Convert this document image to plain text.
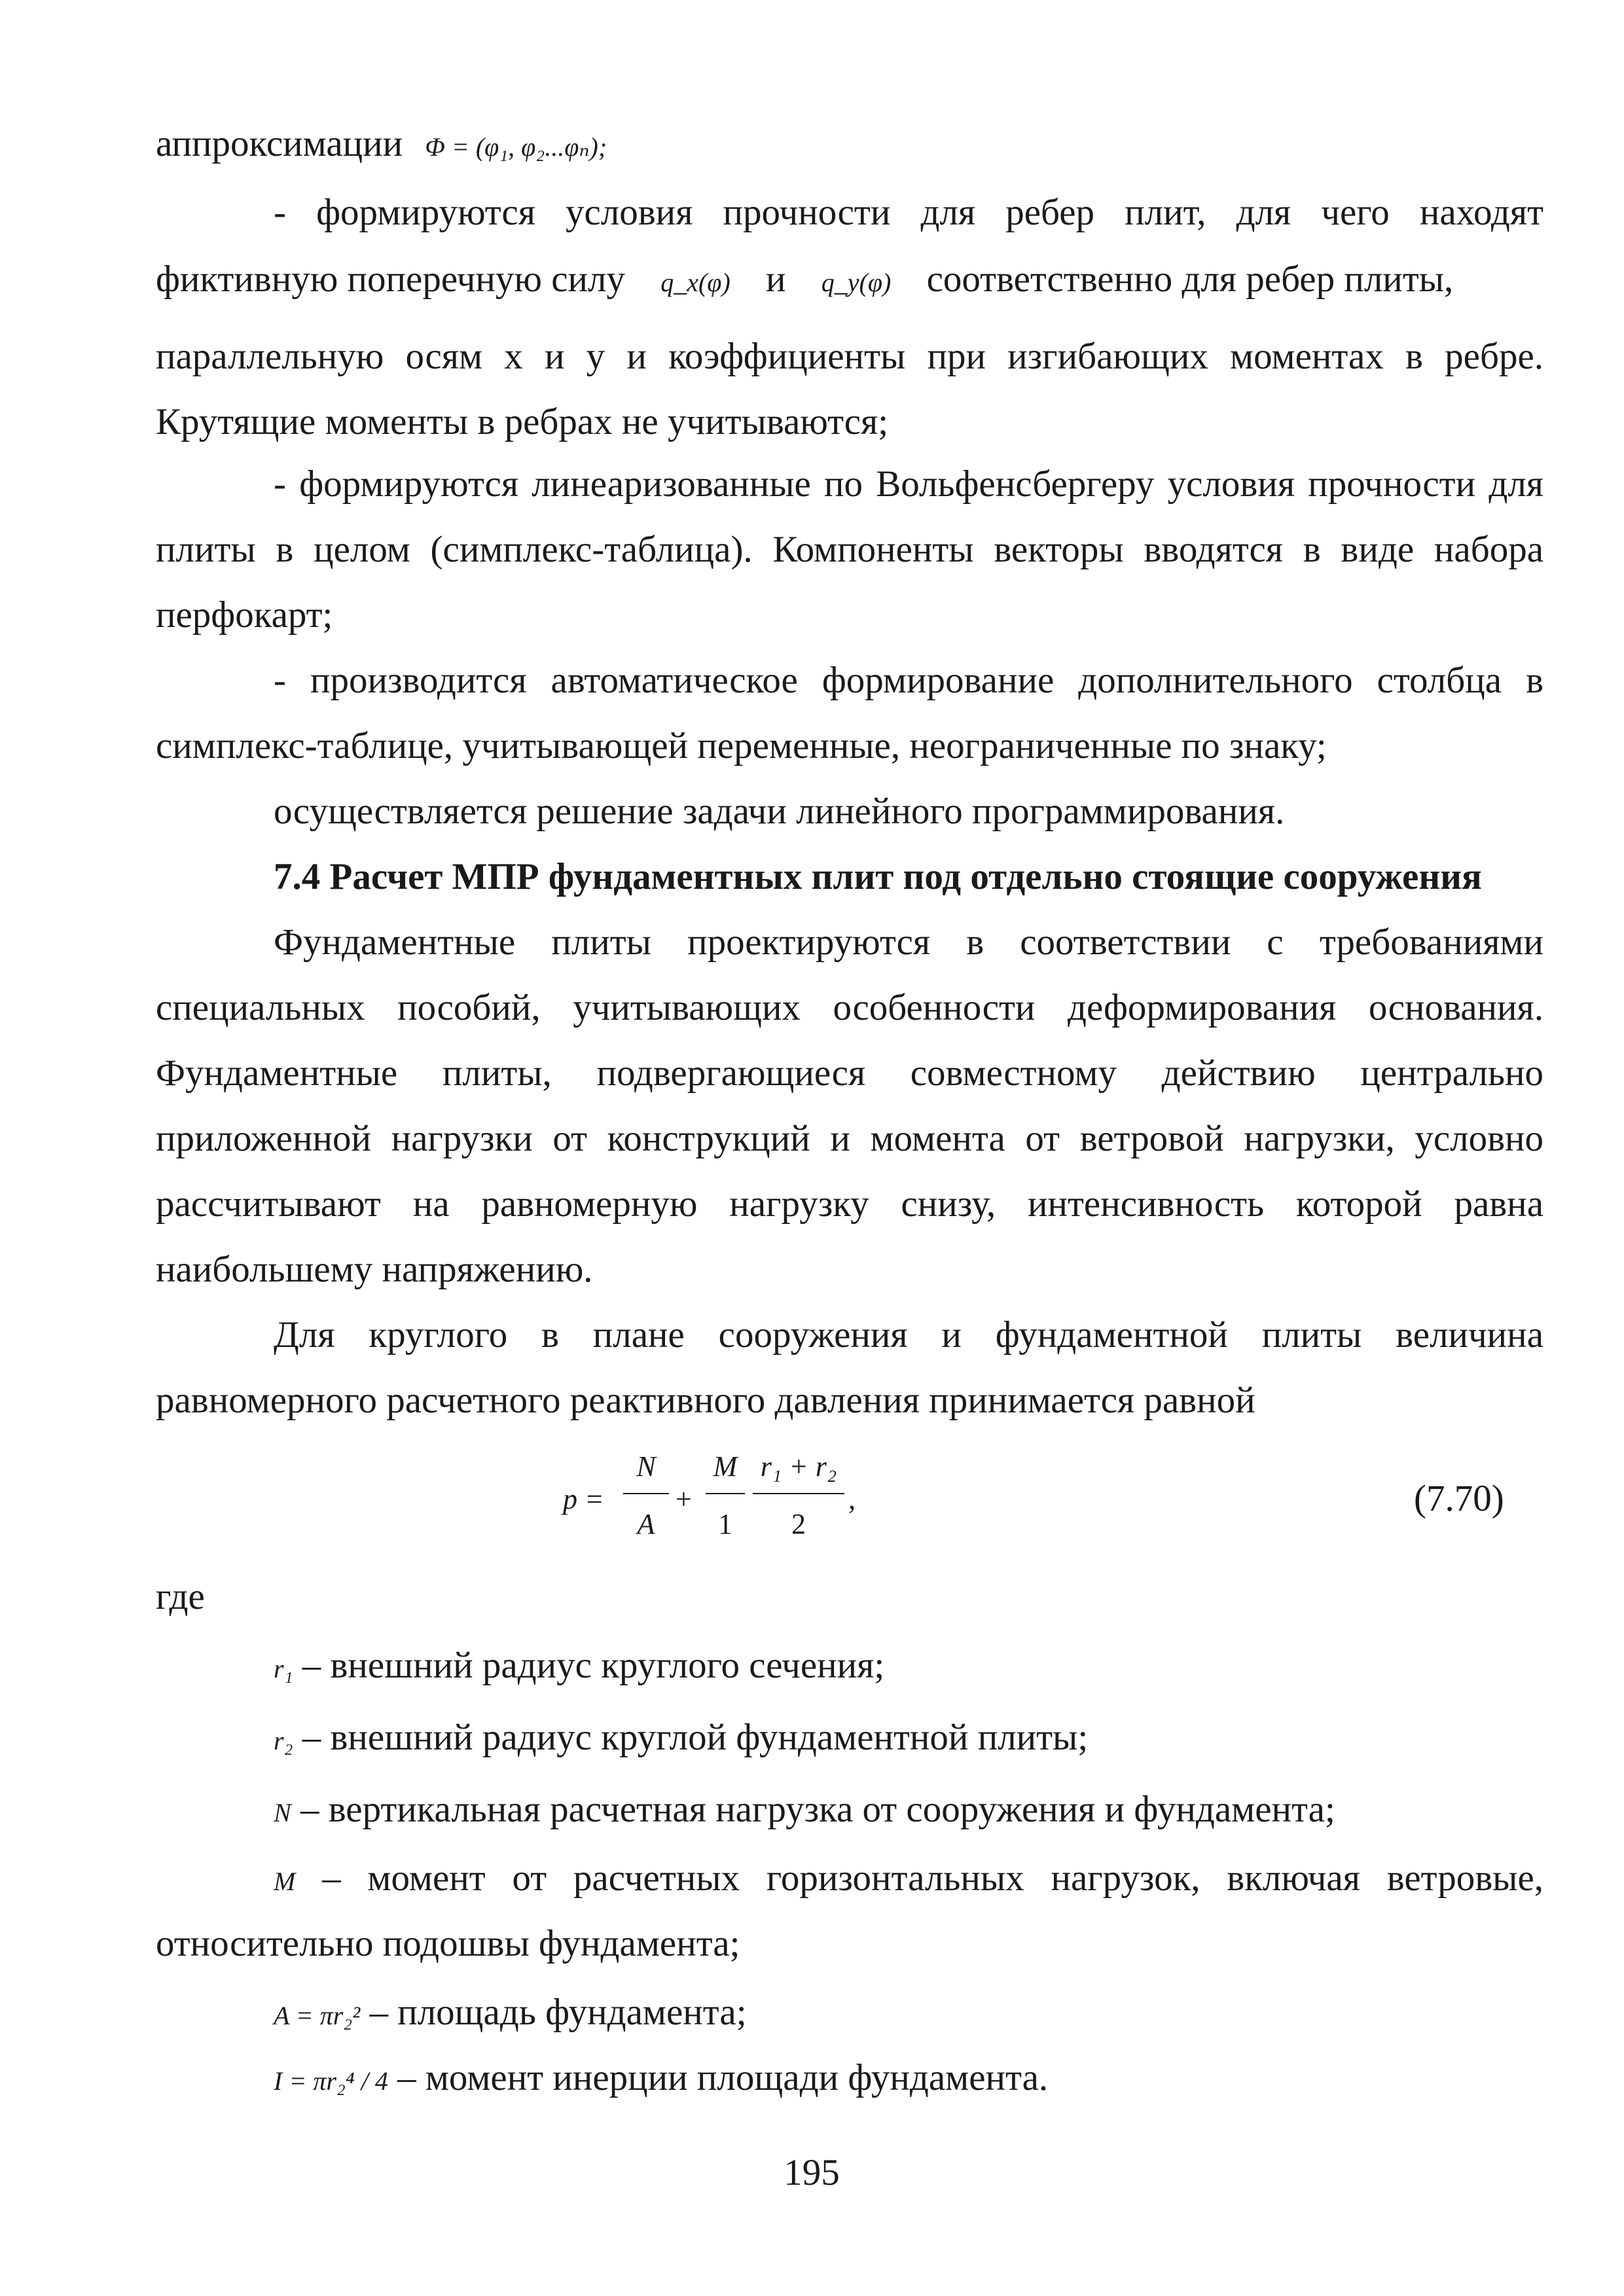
аппроксимации Φ = (φ₁, φ₂...φₙ);
- формируются условия прочности для ребер плит, для чего находят
фиктивную поперечную силу q_x(φ) и q_y(φ) соответственно для ребер плиты,
параллельную осям x и y и коэффициенты при изгибающих моментах в ребре.
Крутящие моменты в ребрах не учитываются;
- формируются линеаризованные по Вольфенсбергеру условия прочности для
плиты в целом (симплекс-таблица). Компоненты векторы вводятся в виде набора
перфокарт;
- производится автоматическое формирование дополнительного столбца в
симплекс-таблице, учитывающей переменные, неограниченные по знаку;
осуществляется решение задачи линейного программирования.
7.4 Расчет МПР фундаментных плит под отдельно стоящие сооружения
Фундаментные плиты проектируются в соответствии с требованиями
специальных пособий, учитывающих особенности деформирования основания.
Фундаментные плиты, подвергающиеся совместному действию центрально
приложенной нагрузки от конструкций и момента от ветровой нагрузки, условно
рассчитывают на равномерную нагрузку снизу, интенсивность которой равна
наибольшему напряжению.
Для круглого в плане сооружения и фундаментной плиты величина
равномерного расчетного реактивного давления принимается равной
p =
N
A
+
M
1
r₁ + r₂
2
,	(7.70)
где
r₁ – внешний радиус круглого сечения;
r₂ – внешний радиус круглой фундаментной плиты;
N – вертикальная расчетная нагрузка от сооружения и фундамента;
M – момент от расчетных горизонтальных нагрузок, включая ветровые,
относительно подошвы фундамента;
A = πr₂² – площадь фундамента;
I = πr₂⁴ / 4 – момент инерции площади фундамента.
195
